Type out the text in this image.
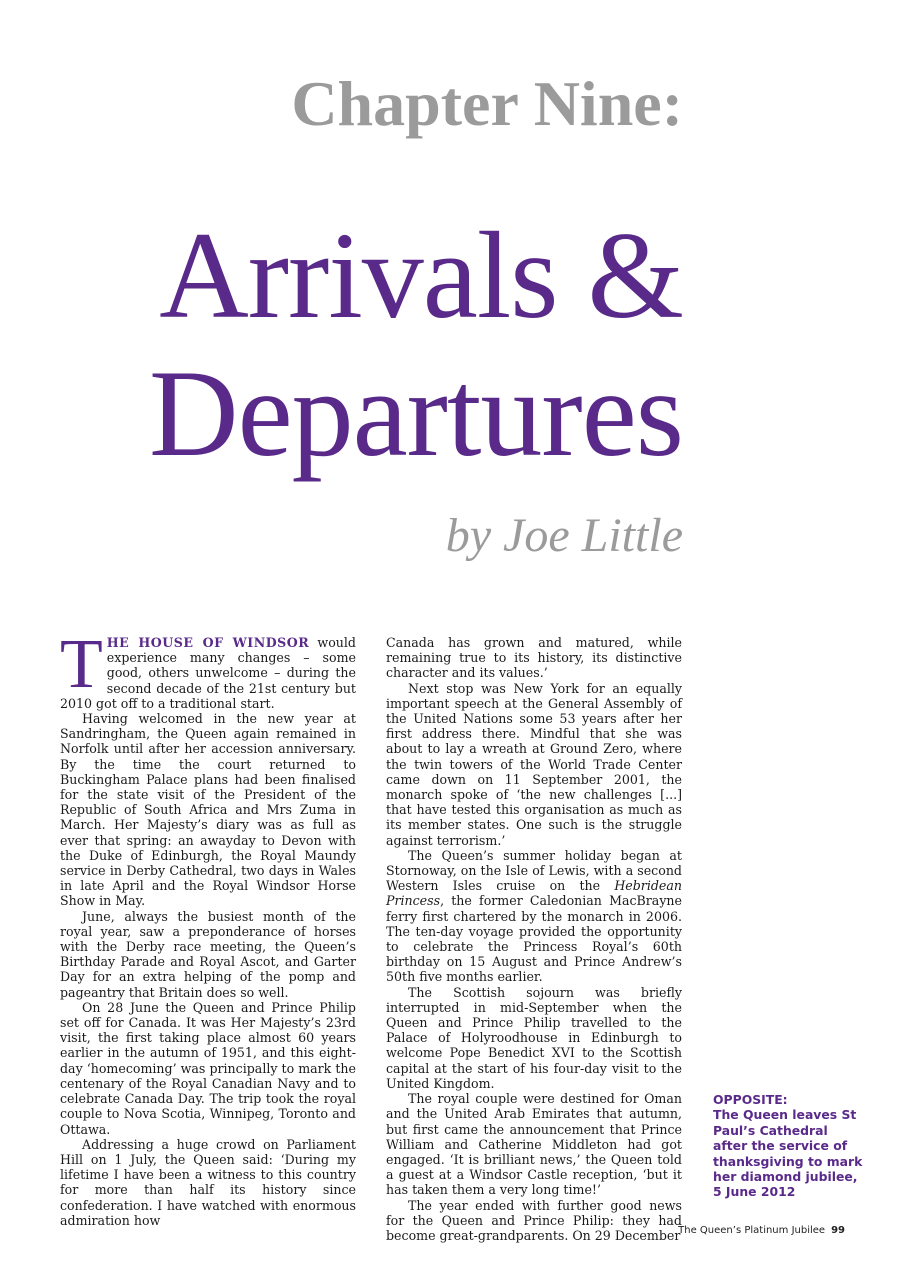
Chapter Nine:
Arrivals &
Departures
by Joe Little

THE HOUSE OF WINDSOR would experience many changes – some good, others unwelcome – during the second decade of the 21st century but 2010 got off to a traditional start.

Having welcomed in the new year at Sandringham, the Queen again remained in Norfolk until after her accession anniversary. By the time the court returned to Buckingham Palace plans had been finalised for the state visit of the President of the Republic of South Africa and Mrs Zuma in March. Her Majesty’s diary was as full as ever that spring: an awayday to Devon with the Duke of Edinburgh, the Royal Maundy service in Derby Cathedral, two days in Wales in late April and the Royal Windsor Horse Show in May.

June, always the busiest month of the royal year, saw a preponderance of horses with the Derby race meeting, the Queen’s Birthday Parade and Royal Ascot, and Garter Day for an extra helping of the pomp and pageantry that Britain does so well.

On 28 June the Queen and Prince Philip set off for Canada. It was Her Majesty’s 23rd visit, the first taking place almost 60 years earlier in the autumn of 1951, and this eight-day ‘homecoming’ was principally to mark the centenary of the Royal Canadian Navy and to celebrate Canada Day. The trip took the royal couple to Nova Scotia, Winnipeg, Toronto and Ottawa.

Addressing a huge crowd on Parliament Hill on 1 July, the Queen said: ‘During my lifetime I have been a witness to this country for more than half its history since confederation. I have watched with enormous admiration how

Canada has grown and matured, while remaining true to its history, its distinctive character and its values.’

Next stop was New York for an equally important speech at the General Assembly of the United Nations some 53 years after her first address there. Mindful that she was about to lay a wreath at Ground Zero, where the twin towers of the World Trade Center came down on 11 September 2001, the monarch spoke of ‘the new challenges [...] that have tested this organisation as much as its member states. One such is the struggle against terrorism.’

The Queen’s summer holiday began at Stornoway, on the Isle of Lewis, with a second Western Isles cruise on the Hebridean Princess, the former Caledonian MacBrayne ferry first chartered by the monarch in 2006. The ten-day voyage provided the opportunity to celebrate the Princess Royal’s 60th birthday on 15 August and Prince Andrew’s 50th five months earlier.

The Scottish sojourn was briefly interrupted in mid-September when the Queen and Prince Philip travelled to the Palace of Holyroodhouse in Edinburgh to welcome Pope Benedict XVI to the Scottish capital at the start of his four-day visit to the United Kingdom.

The royal couple were destined for Oman and the United Arab Emirates that autumn, but first came the announcement that Prince William and Catherine Middleton had got engaged. ‘It is brilliant news,’ the Queen told a guest at a Windsor Castle reception, ‘but it has taken them a very long time!’

The year ended with further good news for the Queen and Prince Philip: they had become great-grandparents. On 29 December

OPPOSITE:
The Queen leaves St Paul’s Cathedral after the service of thanksgiving to mark her diamond jubilee, 5 June 2012
The Queen’s Platinum Jubilee 99
